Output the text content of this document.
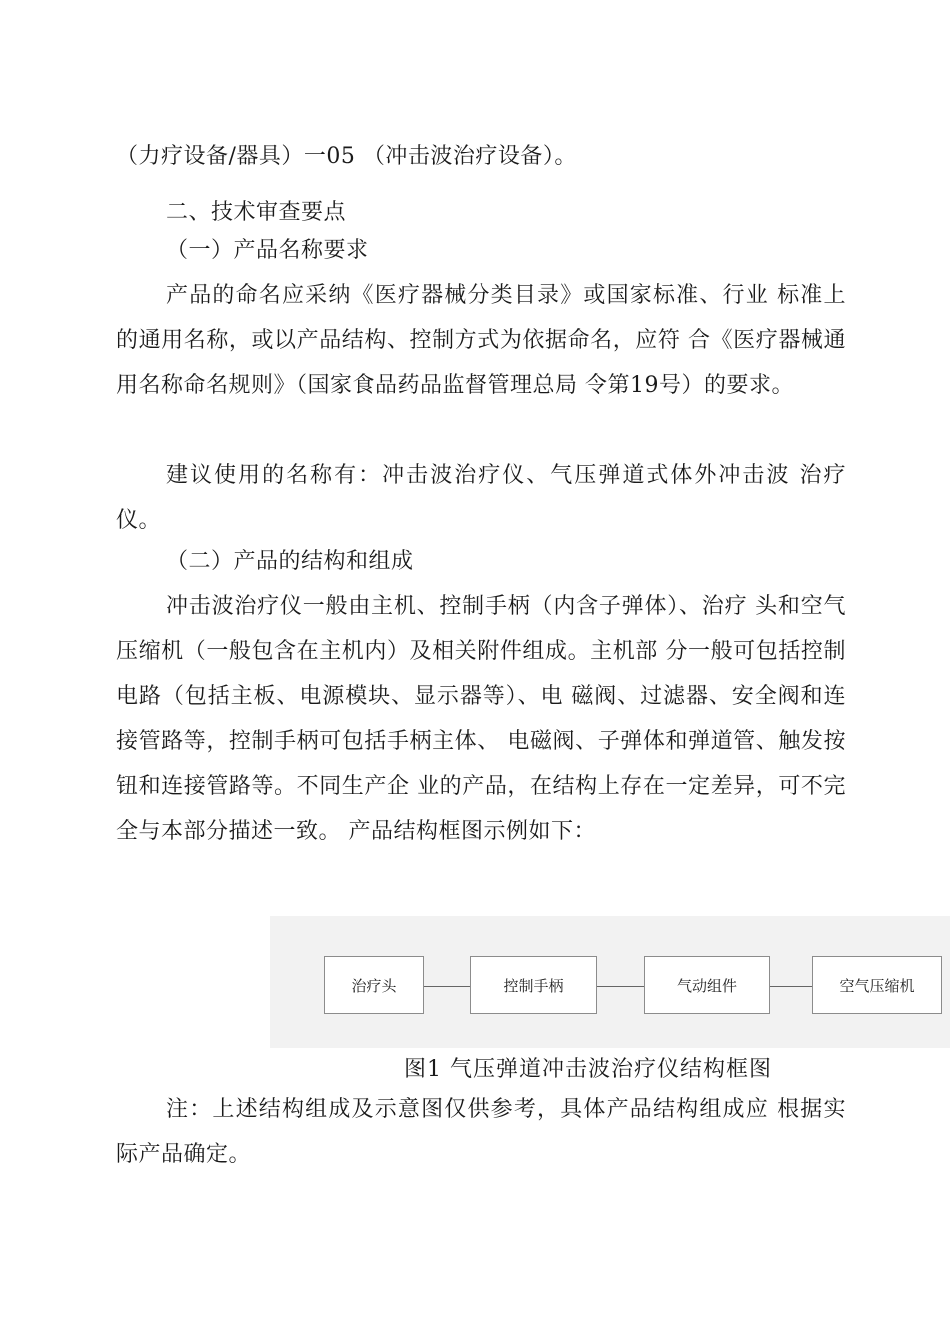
（力疗设备/器具）一05 （冲击波治疗设备）。
二、技术审查要点
（一）产品名称要求
产品的命名应采纳《医疗器械分类目录》或国家标准、行业 标准上的通用名称，或以产品结构、控制方式为依据命名，应符 合《医疗器械通用名称命名规则》（国家食品药品监督管理总局 令第19号）的要求。
建议使用的名称有：冲击波治疗仪、气压弹道式体外冲击波 治疗仪。
（二）产品的结构和组成
冲击波治疗仪一般由主机、控制手柄（内含子弹体）、治疗 头和空气压缩机（一般包含在主机内）及相关附件组成。主机部 分一般可包括控制电路（包括主板、电源模块、显示器等）、电 磁阀、过滤器、安全阀和连接管路等，控制手柄可包括手柄主体、 电磁阀、子弹体和弹道管、触发按钮和连接管路等。不同生产企 业的产品，在结构上存在一定差异，可不完全与本部分描述一致。 产品结构框图示例如下：
治疗头	控制手柄	气动组件	空气压缩机
图1 气压弹道冲击波治疗仪结构框图
注：上述结构组成及示意图仅供参考，具体产品结构组成应 根据实际产品确定。
